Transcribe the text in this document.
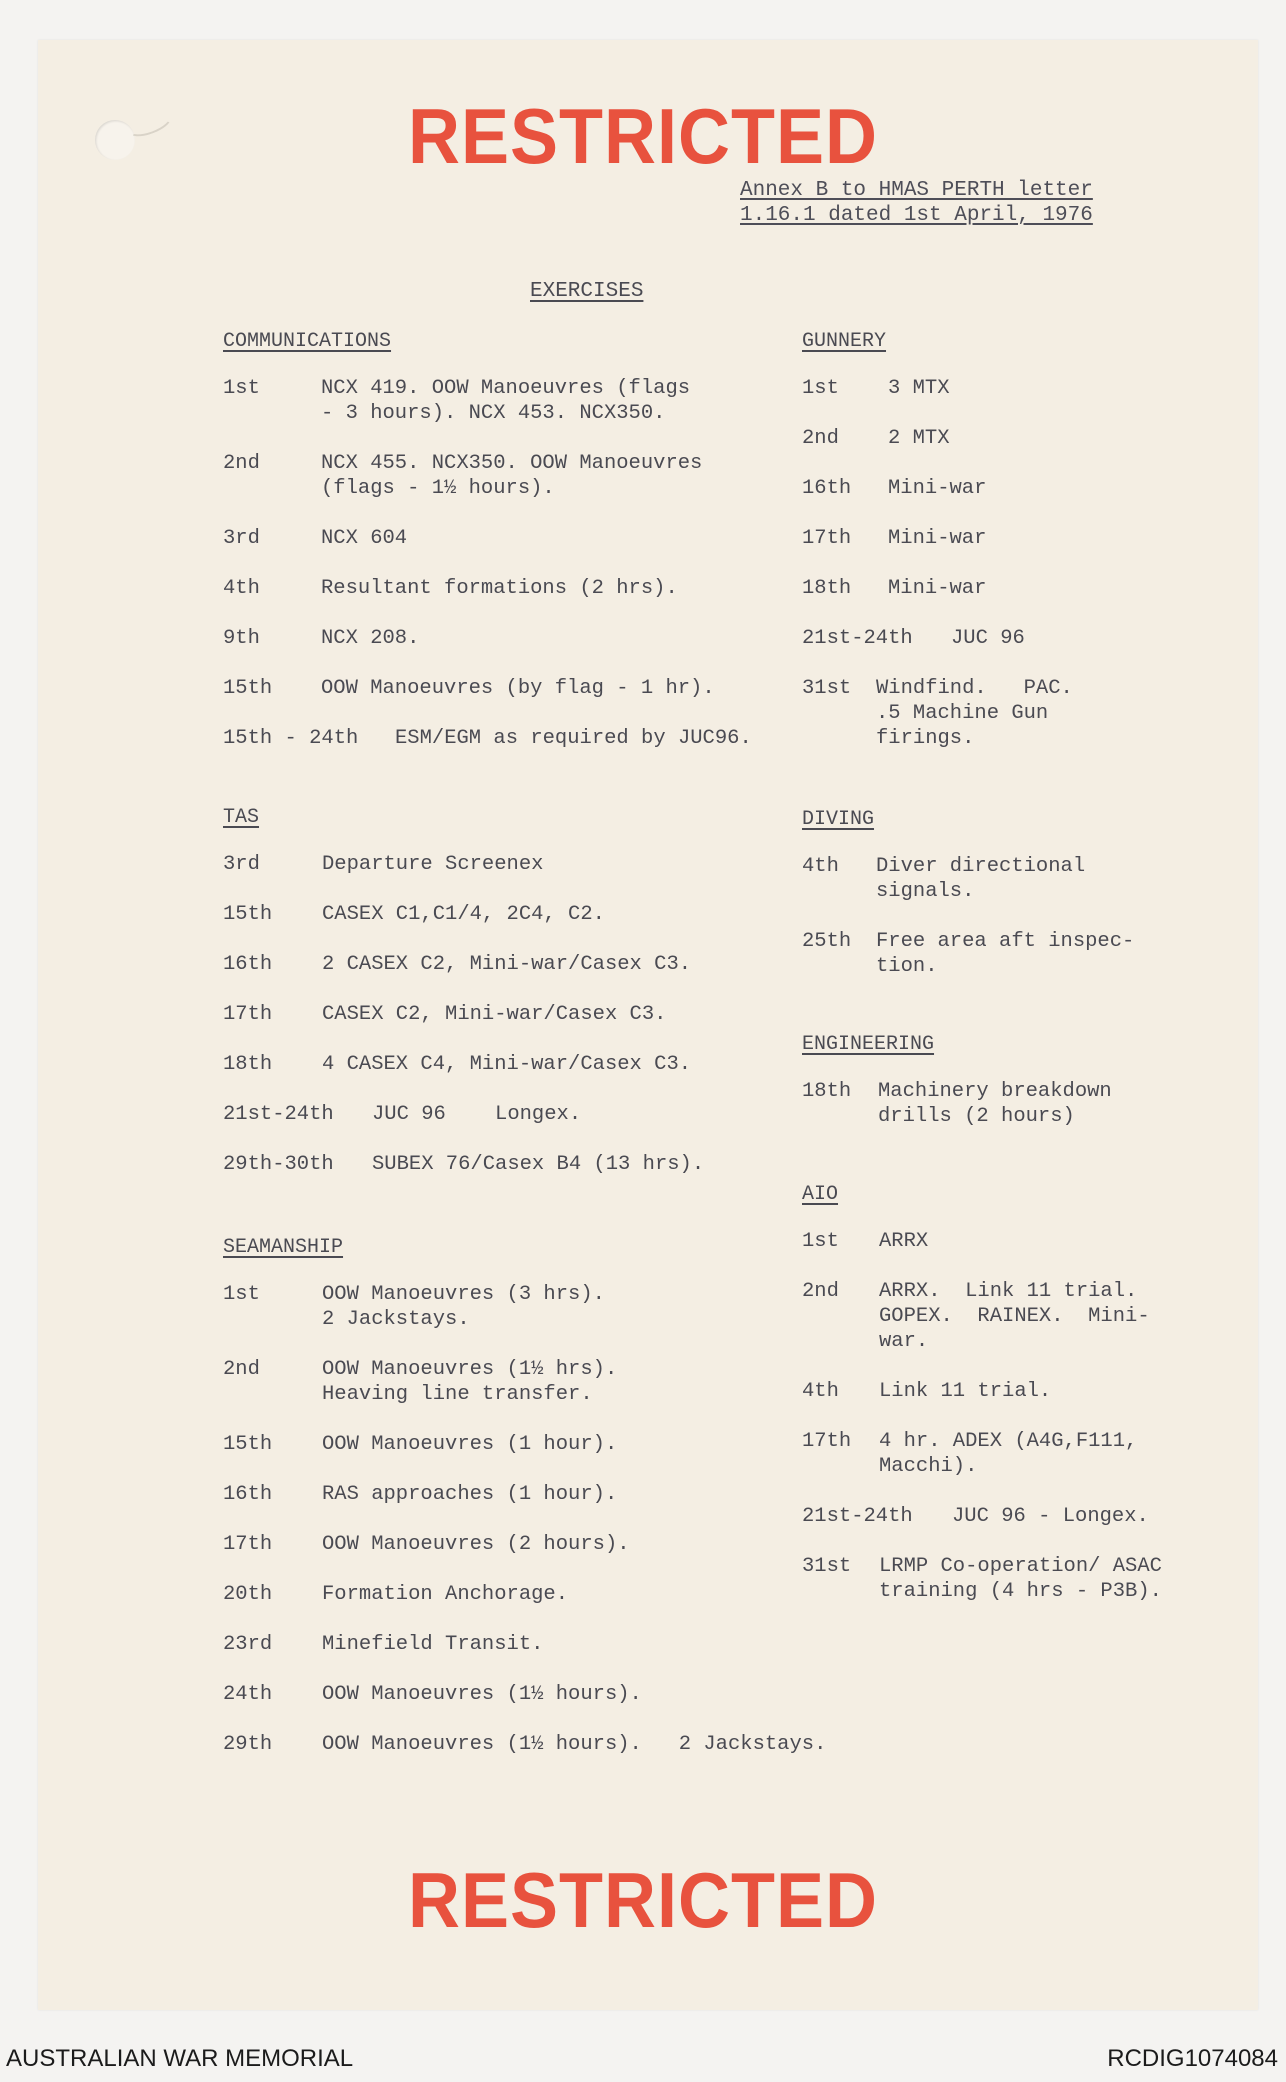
RESTRICTED
Annex B to HMAS PERTH letter
1.16.1 dated 1st April, 1976
EXERCISES
COMMUNICATIONS
1st	NCX 419. OOW Manoeuvres (flags
- 3 hours). NCX 453. NCX350.
2nd	NCX 455. NCX350. OOW Manoeuvres
(flags - 1½ hours).
3rd	NCX 604
4th	Resultant formations (2 hrs).
9th	NCX 208.
15th	OOW Manoeuvres (by flag - 1 hr).
15th - 24th	ESM/EGM as required by JUC96.
TAS
3rd	Departure Screenex
15th	CASEX C1,C1/4, 2C4, C2.
16th	2 CASEX C2, Mini-war/Casex C3.
17th	CASEX C2, Mini-war/Casex C3.
18th	4 CASEX C4, Mini-war/Casex C3.
21st-24th	JUC 96    Longex.
29th-30th	SUBEX 76/Casex B4 (13 hrs).
SEAMANSHIP
1st	OOW Manoeuvres (3 hrs).
2 Jackstays.
2nd	OOW Manoeuvres (1½ hrs).
Heaving line transfer.
15th	OOW Manoeuvres (1 hour).
16th	RAS approaches (1 hour).
17th	OOW Manoeuvres (2 hours).
20th	Formation Anchorage.
23rd	Minefield Transit.
24th	OOW Manoeuvres (1½ hours).
29th	OOW Manoeuvres (1½ hours).   2 Jackstays.
GUNNERY
1st	3 MTX
2nd	2 MTX
16th	Mini-war
17th	Mini-war
18th	Mini-war
21st-24th	JUC 96
31st	Windfind.   PAC.
.5 Machine Gun
firings.
DIVING
4th	Diver directional
signals.
25th	Free area aft inspec-
tion.
ENGINEERING
18th	Machinery breakdown
drills (2 hours)
AIO
1st	ARRX
2nd	ARRX.  Link 11 trial.
GOPEX.  RAINEX.  Mini-
war.
4th	Link 11 trial.
17th	4 hr. ADEX (A4G,F111,
Macchi).
21st-24th	JUC 96 - Longex.
31st	LRMP Co-operation/ ASAC
training (4 hrs - P3B).
RESTRICTED
AUSTRALIAN WAR MEMORIAL	RCDIG1074084
